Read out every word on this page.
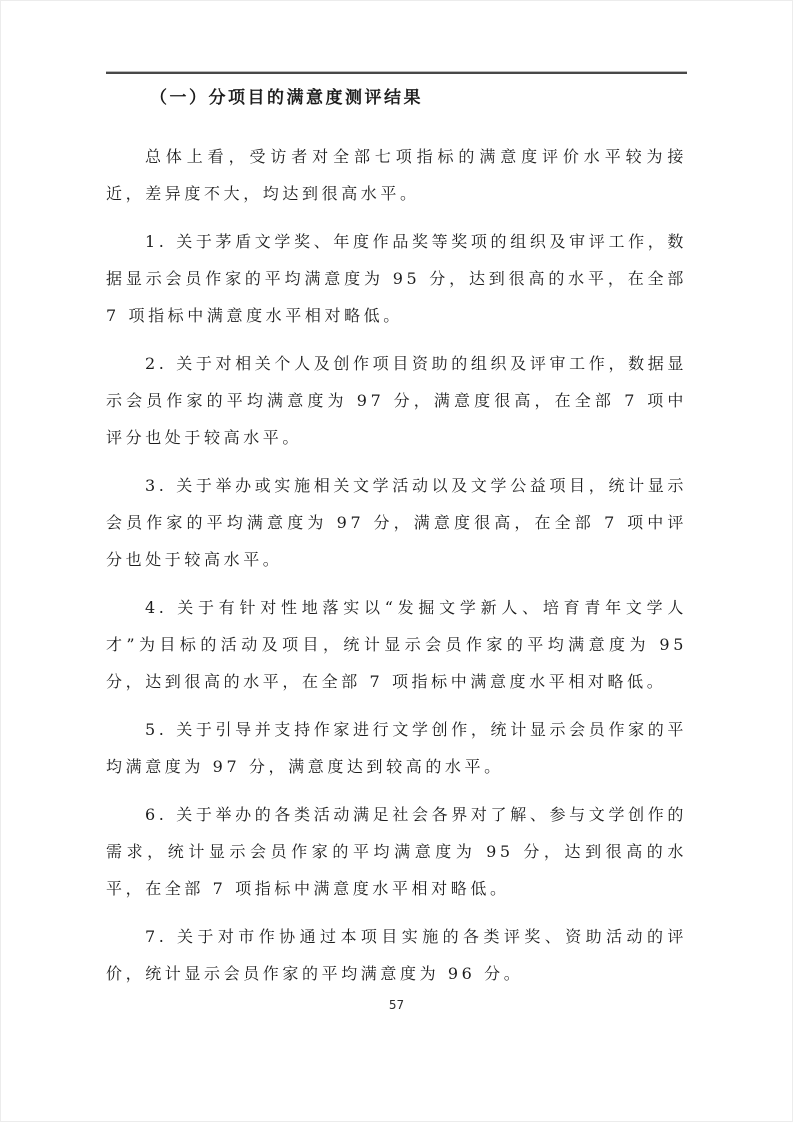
（一）分项目的满意度测评结果

总体上看，受访者对全部七项指标的满意度评价水平较为接近，差异度不大，均达到很高水平。

1. 关于茅盾文学奖、年度作品奖等奖项的组织及审评工作，数据显示会员作家的平均满意度为 95 分，达到很高的水平，在全部 7 项指标中满意度水平相对略低。

2. 关于对相关个人及创作项目资助的组织及评审工作，数据显示会员作家的平均满意度为 97 分，满意度很高，在全部 7 项中评分也处于较高水平。

3. 关于举办或实施相关文学活动以及文学公益项目，统计显示会员作家的平均满意度为 97 分，满意度很高，在全部 7 项中评分也处于较高水平。

4. 关于有针对性地落实以“发掘文学新人、培育青年文学人才”为目标的活动及项目，统计显示会员作家的平均满意度为 95 分，达到很高的水平，在全部 7 项指标中满意度水平相对略低。

5. 关于引导并支持作家进行文学创作，统计显示会员作家的平均满意度为 97 分，满意度达到较高的水平。

6. 关于举办的各类活动满足社会各界对了解、参与文学创作的需求，统计显示会员作家的平均满意度为 95 分，达到很高的水平，在全部 7 项指标中满意度水平相对略低。

7. 关于对市作协通过本项目实施的各类评奖、资助活动的评价，统计显示会员作家的平均满意度为 96 分。

57
